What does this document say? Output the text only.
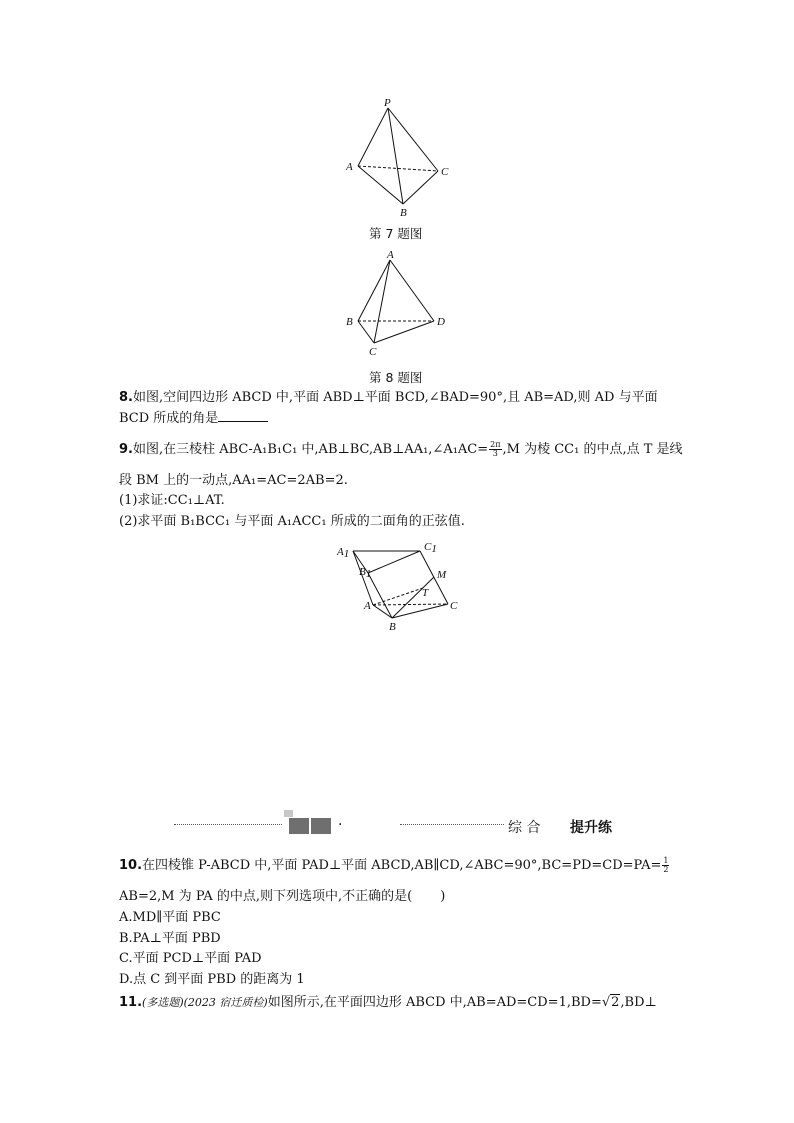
P
A
B
C
第 7 题图
A
B
C
D
第 8 题图
8.如图,空间四边形 ABCD 中,平面 ABD⊥平面 BCD,∠BAD=90°,且 AB=AD,则 AD 与平面
BCD 所成的角是
9.如图,在三棱柱 ABC-A₁B₁C₁ 中,AB⊥BC,AB⊥AA₁,∠A₁AC= $\frac{2\pi}{3} ,M$ 为棱 CC₁ 的中点,点 T 是线
段 BM 上的一动点,AA₁=AC=2AB=2.
(1)求证:CC₁⊥AT.
(2)求平面 B₁BCC₁ 与平面 A₁ACC₁ 所成的二面角的正弦值.
A1
B1
C1
M
T
A
B
C
·	综 合 提升练
10.在四棱锥 P-ABCD 中,平面 PAD⊥平面 ABCD,AB∥CD,∠ABC=90°,BC=PD=CD=PA= $\frac{1}{2}$
AB=2,M 为 PA 的中点,则下列选项中,不正确的是( )
A.MD∥平面 PBC
B.PA⊥平面 PBD
C.平面 PCD⊥平面 PAD
D.点 C 到平面 PBD 的距离为 1
11.(多选题)(2023 宿迁质检)如图所示,在平面四边形 ABCD 中,AB=AD=CD=1,BD=√2,BD⊥
